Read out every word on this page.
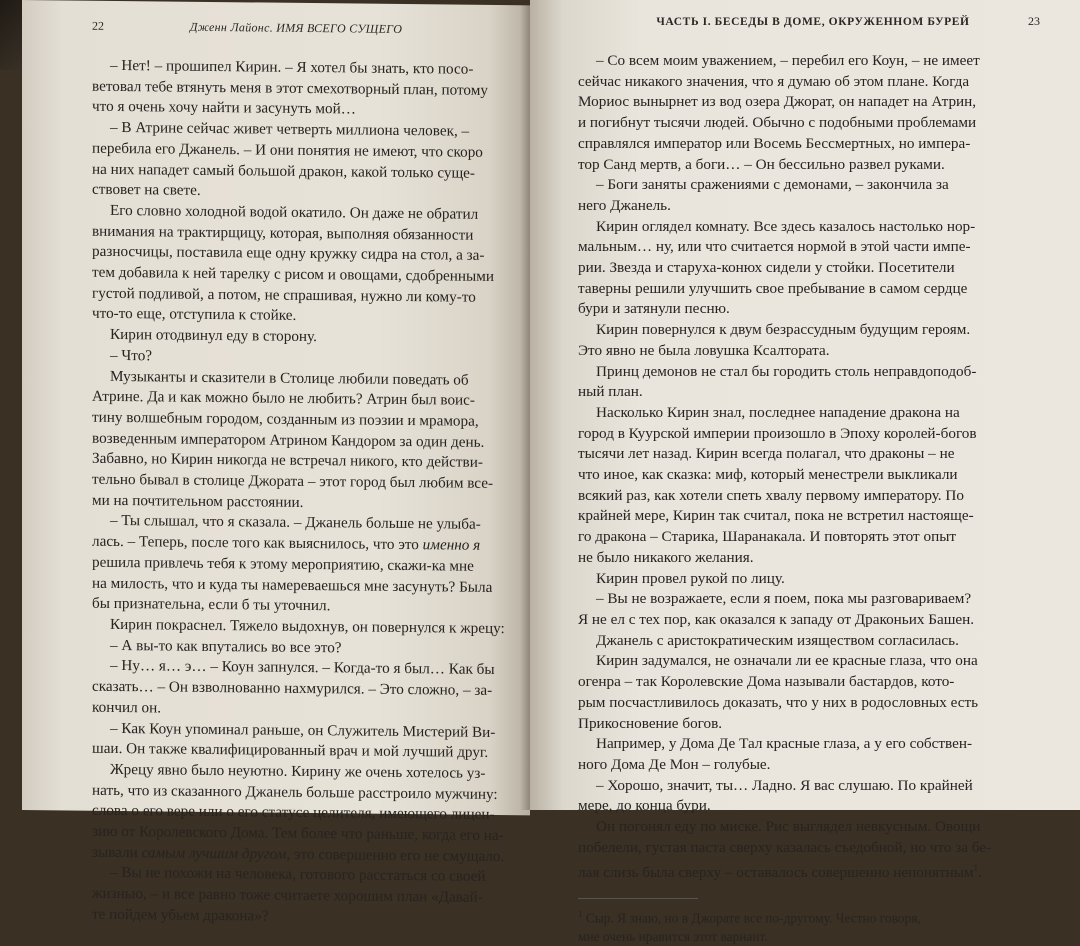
22	Дженн Лайонс. ИМЯ ВСЕГО СУЩЕГО

– Нет! – прошипел Кирин. – Я хотел бы знать, кто посо-

ветовал тебе втянуть меня в этот смехотворный план, потому

что я очень хочу найти и засунуть мой…

– В Атрине сейчас живет четверть миллиона человек, –

перебила его Джанель. – И они понятия не имеют, что скоро

на них нападет самый большой дракон, какой только суще-

ствовет на свете.

Его словно холодной водой окатило. Он даже не обратил

внимания на трактирщицу, которая, выполняя обязанности

разносчицы, поставила еще одну кружку сидра на стол, а за-

тем добавила к ней тарелку с рисом и овощами, сдобренными

густой подливой, а потом, не спрашивая, нужно ли кому-то

что-то еще, отступила к стойке.

Кирин отодвинул еду в сторону.

– Что?

Музыканты и сказители в Столице любили поведать об

Атрине. Да и как можно было не любить? Атрин был воис-

тину волшебным городом, созданным из поэзии и мрамора,

возведенным императором Атрином Кандором за один день.

Забавно, но Кирин никогда не встречал никого, кто действи-

тельно бывал в столице Джората – этот город был любим все-

ми на почтительном расстоянии.

– Ты слышал, что я сказала. – Джанель больше не улыба-

лась. – Теперь, после того как выяснилось, что это именно я

решила привлечь тебя к этому мероприятию, скажи-ка мне

на милость, что и куда ты намереваешься мне засунуть? Была

бы признательна, если б ты уточнил.

Кирин покраснел. Тяжело выдохнув, он повернулся к жрецу:

– А вы-то как впутались во все это?

– Ну… я… э… – Коун запнулся. – Когда-то я был… Как бы

сказать… – Он взволнованно нахмурился. – Это сложно, – за-

кончил он.

– Как Коун упоминал раньше, он Служитель Мистерий Ви-

шаи. Он также квалифицированный врач и мой лучший друг.

Жрецу явно было неуютно. Кирину же очень хотелось уз-

нать, что из сказанного Джанель больше расстроило мужчину:

слова о его вере или о его статусе целителя, имеющего лицен-

зию от Королевского Дома. Тем более что раньше, когда его на-

зывали самым лучшим другом, это совершенно его не смущало.

– Вы не похожи на человека, готового расстаться со своей

жизнью, – и все равно тоже считаете хорошим план «Давай-

те пойдем убьем дракона»?

ЧАСТЬ I. БЕСЕДЫ В ДОМЕ, ОКРУЖЕННОМ БУРЕЙ	23

– Со всем моим уважением, – перебил его Коун, – не имеет

сейчас никакого значения, что я думаю об этом плане. Когда

Мориос вынырнет из вод озера Джорат, он нападет на Атрин,

и погибнут тысячи людей. Обычно с подобными проблемами

справлялся император или Восемь Бессмертных, но импера-

тор Санд мертв, а боги… – Он бессильно развел руками.

– Боги заняты сражениями с демонами, – закончила за

него Джанель.

Кирин оглядел комнату. Все здесь казалось настолько нор-

мальным… ну, или что считается нормой в этой части импе-

рии. Звезда и старуха-конюх сидели у стойки. Посетители

таверны решили улучшить свое пребывание в самом сердце

бури и затянули песню.

Кирин повернулся к двум безрассудным будущим героям.

Это явно не была ловушка Ксалтората.

Принц демонов не стал бы городить столь неправдоподоб-

ный план.

Насколько Кирин знал, последнее нападение дракона на

город в Куурской империи произошло в Эпоху королей-богов

тысячи лет назад. Кирин всегда полагал, что драконы – не

что иное, как сказка: миф, который менестрели выкликали

всякий раз, как хотели спеть хвалу первому императору. По

крайней мере, Кирин так считал, пока не встретил настояще-

го дракона – Старика, Шаранакала. И повторять этот опыт

не было никакого желания.

Кирин провел рукой по лицу.

– Вы не возражаете, если я поем, пока мы разговариваем?

Я не ел с тех пор, как оказался к западу от Драконьих Башен.

Джанель с аристократическим изяществом согласилась.

Кирин задумался, не означали ли ее красные глаза, что она

огенра – так Королевские Дома называли бастардов, кото-

рым посчастливилось доказать, что у них в родословных есть

Прикосновение богов.

Например, у Дома Де Тал красные глаза, а у его собствен-

ного Дома Де Мон – голубые.

– Хорошо, значит, ты… Ладно. Я вас слушаю. По крайней

мере, до конца бури.

Он погонял еду по миске. Рис выглядел невкусным. Овощи

побелели, густая паста сверху казалась съедобной, но что за бе-

лая слизь была сверху – оставалось совершенно непонятным$^1$.

$^1$ Сыр. Я знаю, но в Джорате все по-другому. Честно говоря,

мне очень нравится этот вариант.
